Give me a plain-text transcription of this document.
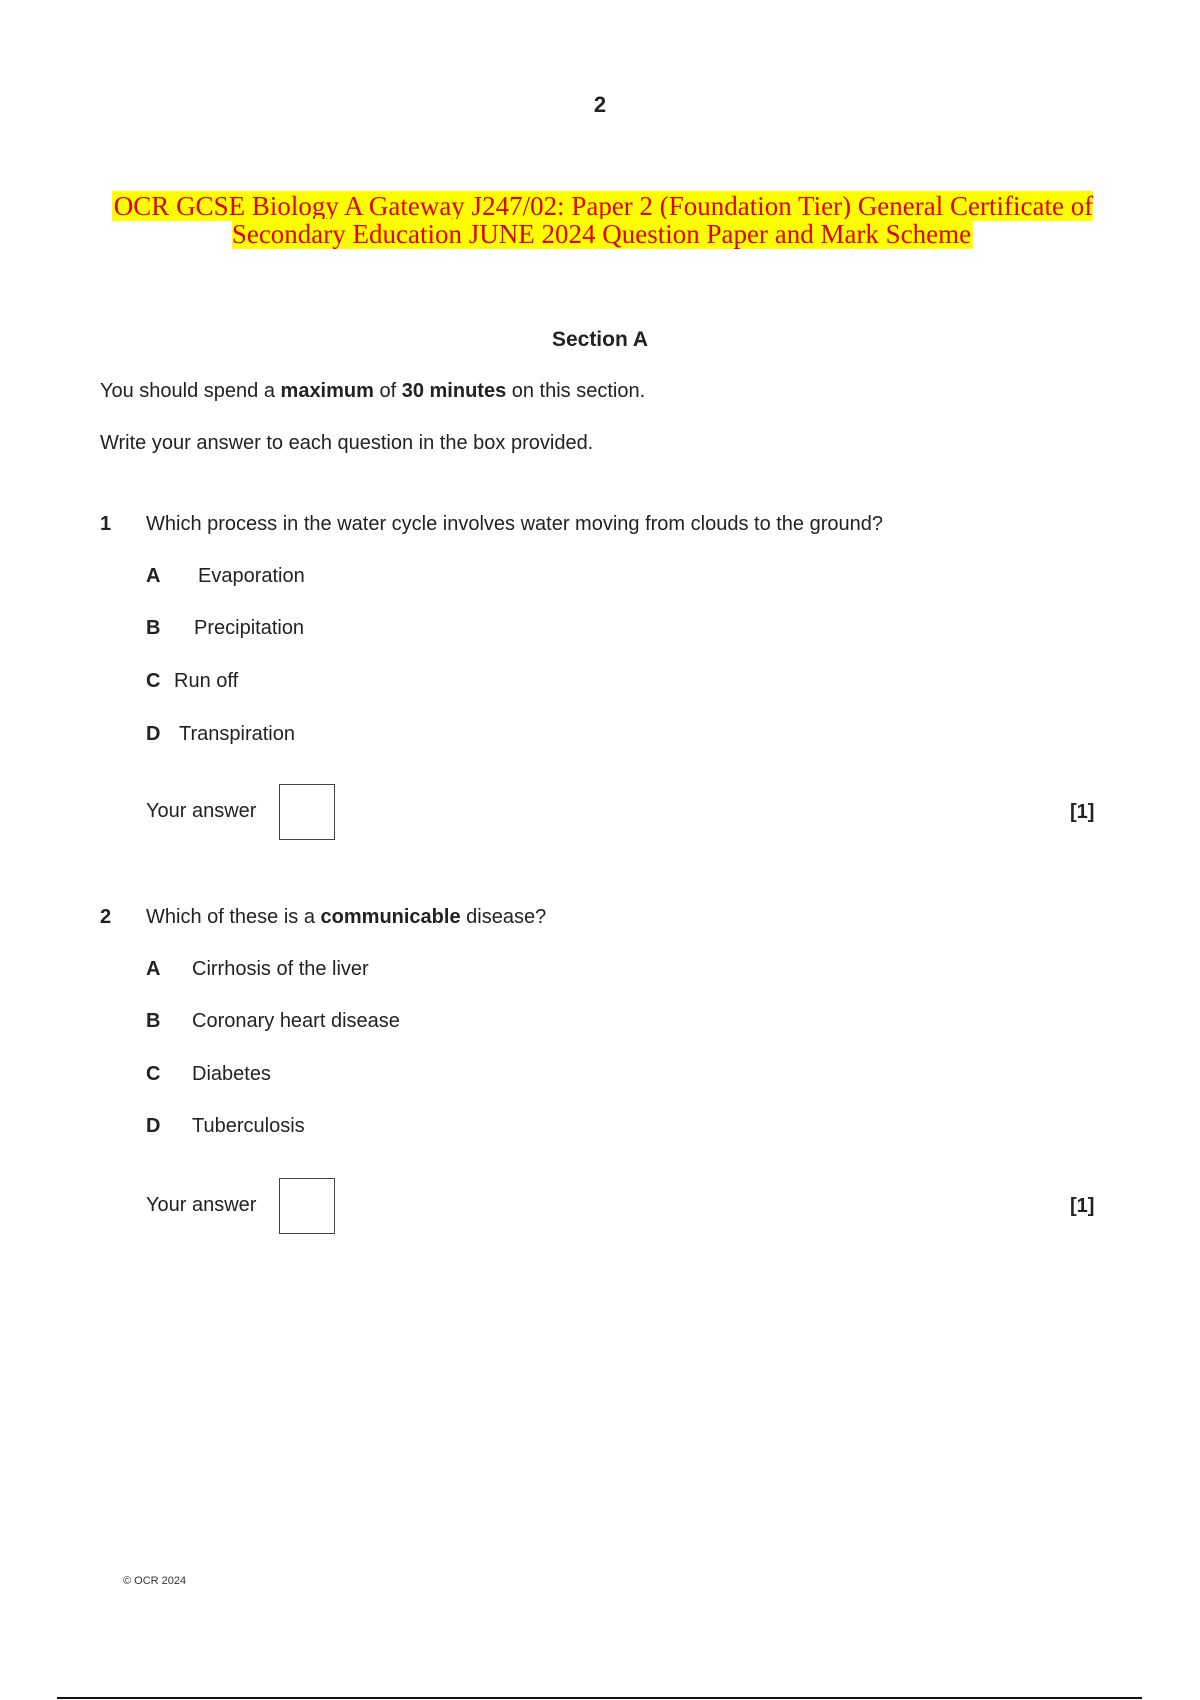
2
OCR GCSE Biology A Gateway J247/02: Paper 2 (Foundation Tier) General Certificate of Secondary Education JUNE 2024 Question Paper and Mark Scheme
Section A
You should spend a maximum of 30 minutes on this section.
Write your answer to each question in the box provided.
1 Which process in the water cycle involves water moving from clouds to the ground?
A Evaporation
B Precipitation
C Run off
D Transpiration
Your answer	[1]
2 Which of these is a communicable disease?
A Cirrhosis of the liver
B Coronary heart disease
C Diabetes
D Tuberculosis
Your answer	[1]
© OCR 2024
